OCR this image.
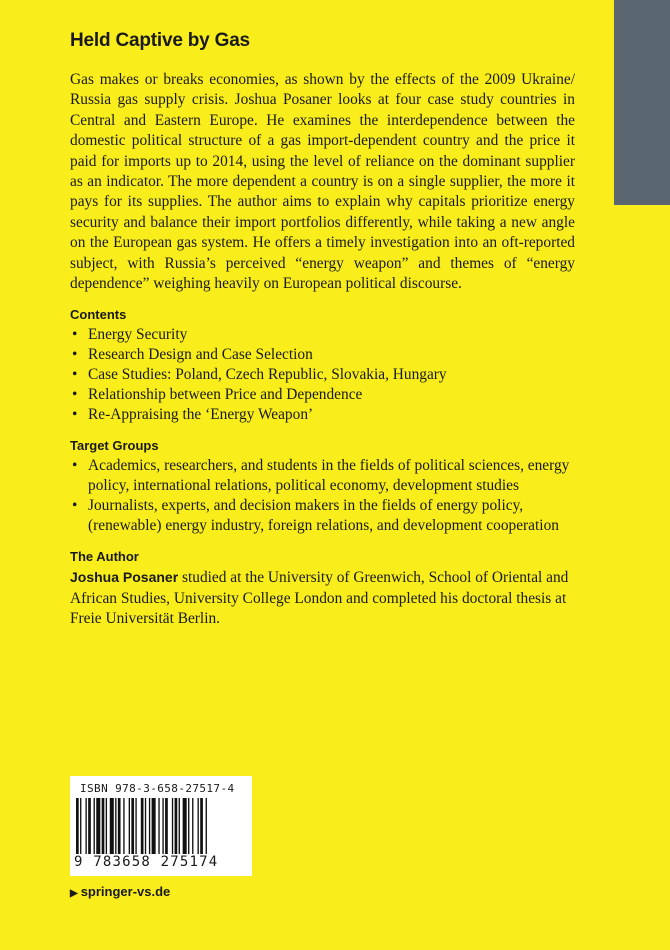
Held Captive by Gas

Gas makes or breaks economies, as shown by the effects of the 2009 Ukraine/ Russia gas supply crisis. Joshua Posaner looks at four case study countries in Central and Eastern Europe. He examines the interdependence between the domestic political structure of a gas import-dependent country and the price it paid for imports up to 2014, using the level of reliance on the dominant supplier as an indicator. The more dependent a country is on a single supplier, the more it pays for its supplies. The author aims to explain why capitals prioritize energy security and balance their import portfolios differently, while taking a new angle on the European gas system. He offers a timely investigation into an oft-reported subject, with Russia’s perceived “energy weapon” and themes of “energy dependence” weighing heavily on European political discourse.

Contents
• Energy Security
• Research Design and Case Selection
• Case Studies: Poland, Czech Republic, Slovakia, Hungary
• Relationship between Price and Dependence
• Re-Appraising the ‘Energy Weapon’
Target Groups
• Academics, researchers, and students in the fields of political sciences, energy policy, international relations, political economy, development studies
• Journalists, experts, and decision makers in the fields of energy policy, (renewable) energy industry, foreign relations, and development cooperation
The Author

Joshua Posaner studied at the University of Greenwich, School of Oriental and African Studies, University College London and completed his doctoral thesis at Freie Universität Berlin.

ISBN 978-3-658-27517-4
9 783658 275174
▶ springer-vs.de
